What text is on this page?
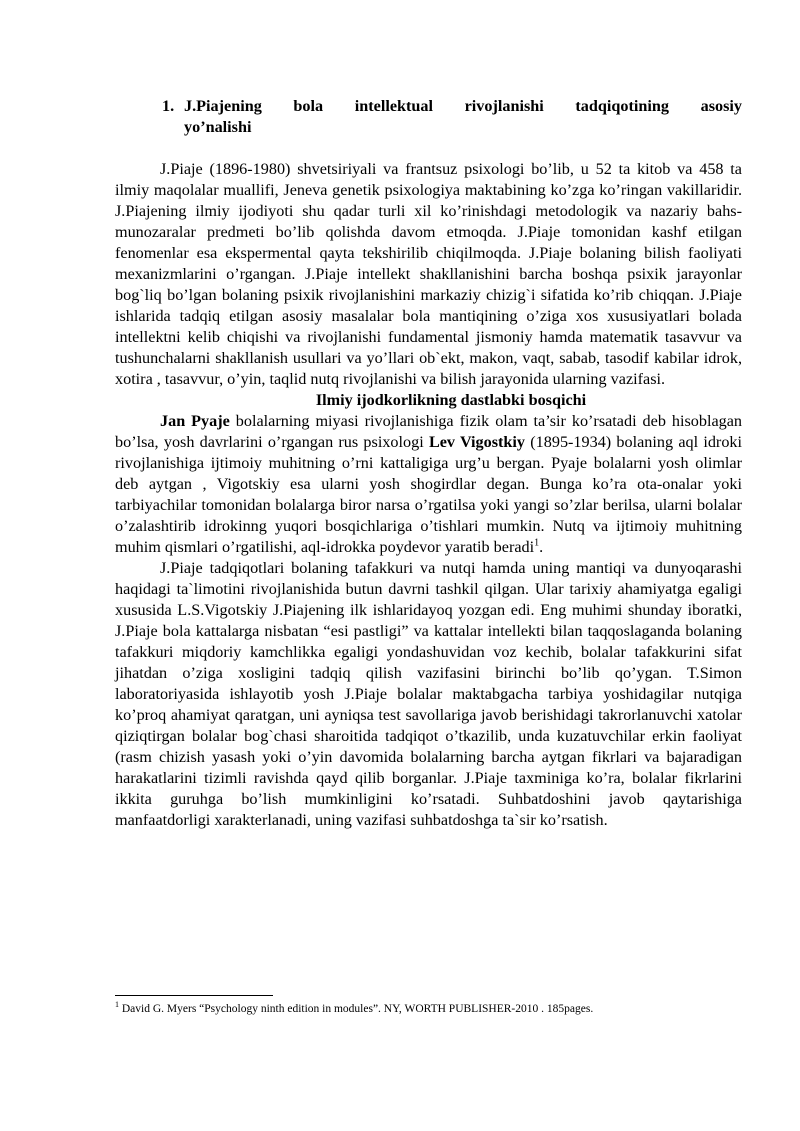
1. J.Piajening bola intellektual rivojlanishi tadqiqotining asosiy
yo’nalishi

J.Piaje (1896-1980) shvetsiriyali va frantsuz psixologi bo’lib, u 52 ta kitob va 458 ta ilmiy maqolalar muallifi, Jeneva genetik psixologiya maktabining ko’zga ko’ringan vakillaridir. J.Piajening ilmiy ijodiyoti shu qadar turli xil ko’rinishdagi metodologik va nazariy bahs-munozaralar predmeti bo’lib qolishda davom etmoqda. J.Piaje tomonidan kashf etilgan fenomenlar esa ekspermental qayta tekshirilib chiqilmoqda. J.Piaje bolaning bilish faoliyati mexanizmlarini o’rgangan. J.Piaje intellekt shakllanishini barcha boshqa psixik jarayonlar bog`liq bo’lgan bolaning psixik rivojlanishini markaziy chizig`i sifatida ko’rib chiqqan. J.Piaje ishlarida tadqiq etilgan asosiy masalalar bola mantiqining o’ziga xos xususiyatlari bolada intellektni kelib chiqishi va rivojlanishi fundamental jismoniy hamda matematik tasavvur va tushunchalarni shakllanish usullari va yo’llari ob`ekt, makon, vaqt, sabab, tasodif kabilar idrok, xotira , tasavvur, o’yin, taqlid nutq rivojlanishi va bilish jarayonida ularning vazifasi.

Ilmiy ijodkorlikning dastlabki bosqichi

Jan Pyaje bolalarning miyasi rivojlanishiga fizik olam ta’sir ko’rsatadi deb hisoblagan bo’lsa, yosh davrlarini o’rgangan rus psixologi Lev Vigostkiy (1895-1934) bolaning aql idroki rivojlanishiga ijtimoiy muhitning o’rni kattaligiga urg’u bergan. Pyaje bolalarni yosh olimlar deb aytgan , Vigotskiy esa ularni yosh shogirdlar degan. Bunga ko’ra ota-onalar yoki tarbiyachilar tomonidan bolalarga biror narsa o’rgatilsa yoki yangi so’zlar berilsa, ularni bolalar o’zalashtirib idrokinng yuqori bosqichlariga o’tishlari mumkin. Nutq va ijtimoiy muhitning muhim qismlari o’rgatilishi, aql-idrokka poydevor yaratib beradi$^1$.

J.Piaje tadqiqotlari bolaning tafakkuri va nutqi hamda uning mantiqi va dunyoqarashi haqidagi ta`limotini rivojlanishida butun davrni tashkil qilgan. Ular tarixiy ahamiyatga egaligi xususida L.S.Vigotskiy J.Piajening ilk ishlaridayoq yozgan edi. Eng muhimi shunday iboratki, J.Piaje bola kattalarga nisbatan “esi pastligi” va kattalar intellekti bilan taqqoslaganda bolaning tafakkuri miqdoriy kamchlikka egaligi yondashuvidan voz kechib, bolalar tafakkurini sifat jihatdan o’ziga xosligini tadqiq qilish vazifasini birinchi bo’lib qo’ygan. T.Simon laboratoriyasida ishlayotib yosh J.Piaje bolalar maktabgacha tarbiya yoshidagilar nutqiga ko’proq ahamiyat qaratgan, uni ayniqsa test savollariga javob berishidagi takrorlanuvchi xatolar qiziqtirgan bolalar bog`chasi sharoitida tadqiqot o’tkazilib, unda kuzatuvchilar erkin faoliyat (rasm chizish yasash yoki o’yin davomida bolalarning barcha aytgan fikrlari va bajaradigan harakatlarini tizimli ravishda qayd qilib borganlar. J.Piaje taxminiga ko’ra, bolalar fikrlarini ikkita guruhga bo’lish mumkinligini ko’rsatadi. Suhbatdoshini javob qaytarishiga manfaatdorligi xarakterlanadi, uning vazifasi suhbatdoshga ta`sir ko’rsatish.

$^1$ David G. Myers “Psychology ninth edition in modules”. NY, WORTH PUBLISHER-2010 . 185pages.
